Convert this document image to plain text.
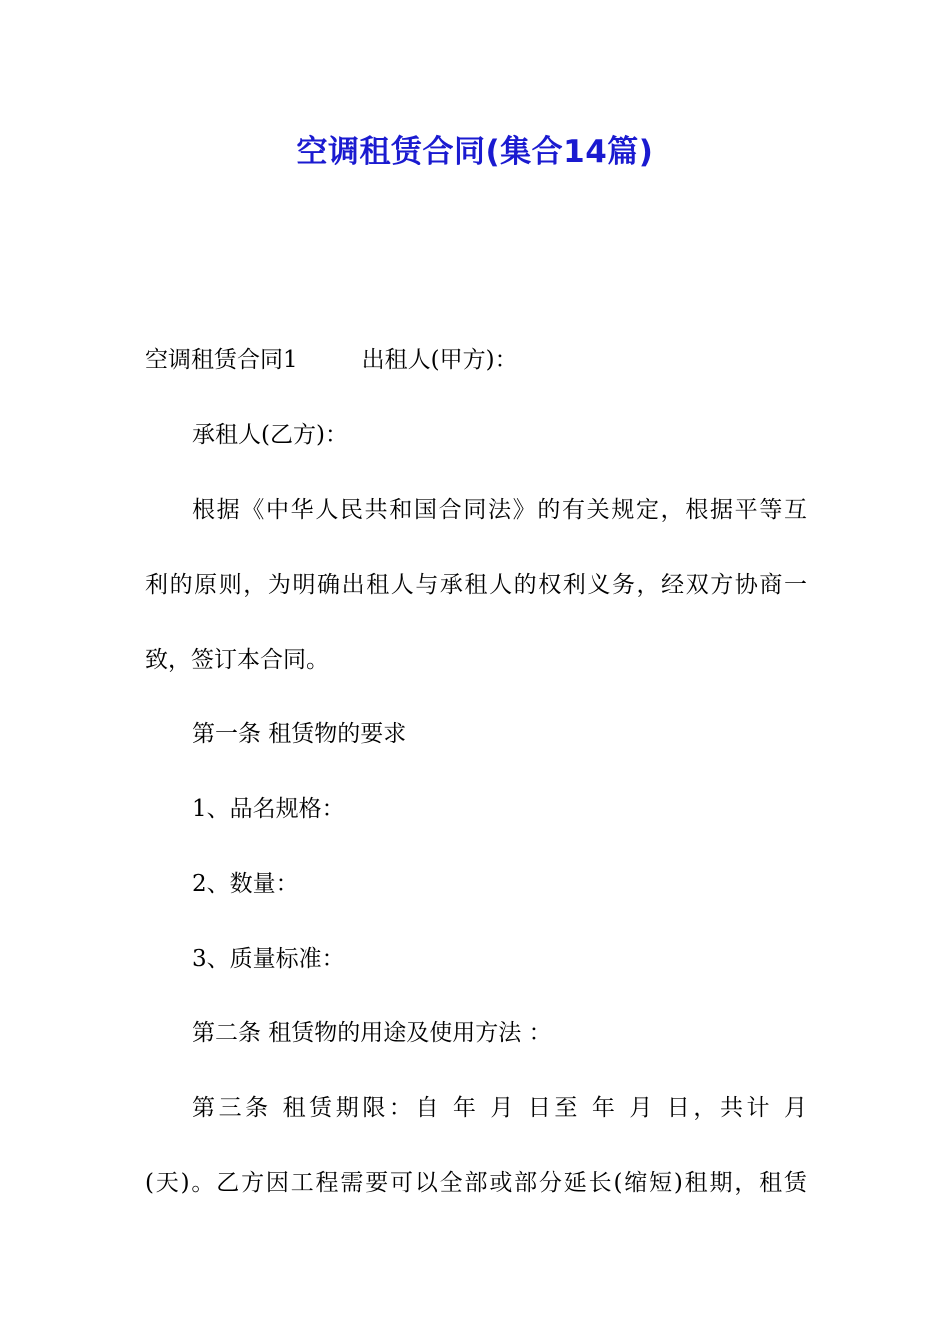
空调租赁合同(集合14篇)
空调租赁合同1	出租人(甲方)：
承租人(乙方)：
根据《中华人民共和国合同法》的有关规定，根据平等互
利的原则，为明确出租人与承租人的权利义务，经双方协商一
致，签订本合同。
第一条 租赁物的要求
1、品名规格：
2、数量：
3、质量标准：
第二条 租赁物的用途及使用方法 ：
第三条 租赁期限：自 年 月 日至 年 月 日，共计 月
(天)。乙方因工程需要可以全部或部分延长(缩短)租期，租赁
